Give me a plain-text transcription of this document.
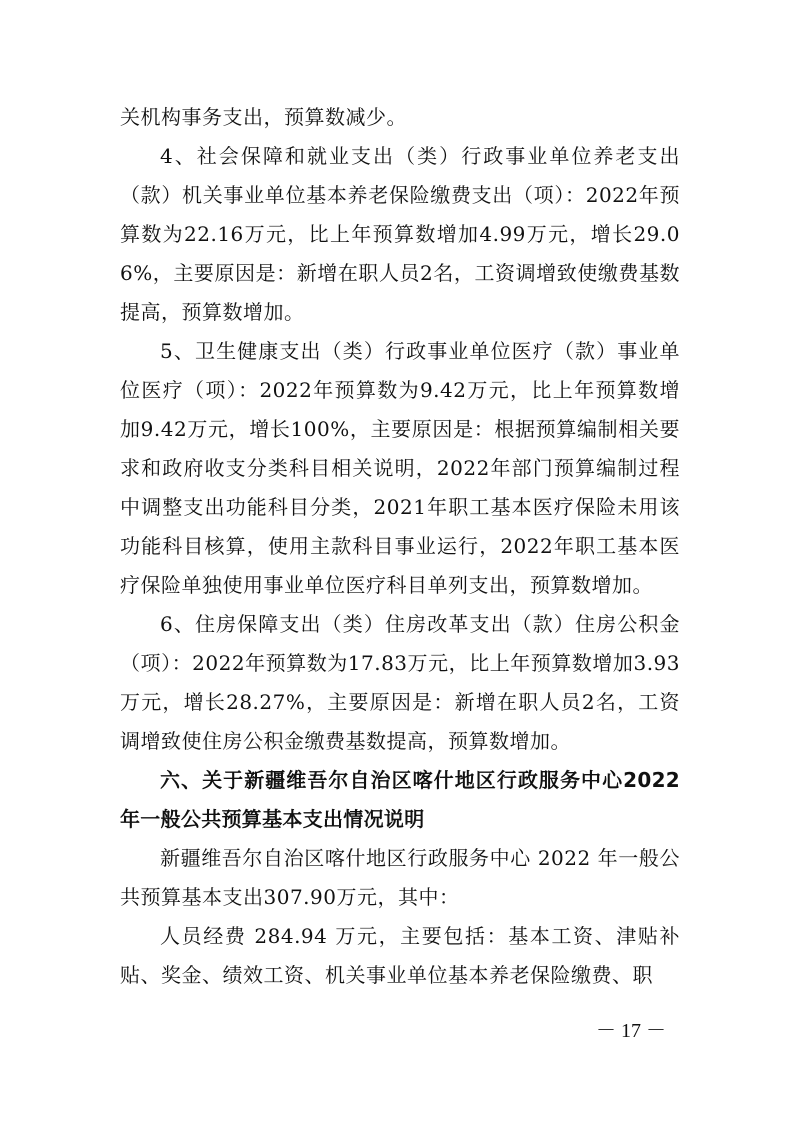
关机构事务支出，预算数减少。

4、社会保障和就业支出（类）行政事业单位养老支出（款）机关事业单位基本养老保险缴费支出（项）：2022年预算数为22.16万元，比上年预算数增加4.99万元，增长29.06%，主要原因是：新增在职人员2名，工资调增致使缴费基数提高，预算数增加。

5、卫生健康支出（类）行政事业单位医疗（款）事业单位医疗（项）：2022年预算数为9.42万元，比上年预算数增加9.42万元，增长100%，主要原因是：根据预算编制相关要求和政府收支分类科目相关说明，2022年部门预算编制过程中调整支出功能科目分类，2021年职工基本医疗保险未用该功能科目核算，使用主款科目事业运行，2022年职工基本医疗保险单独使用事业单位医疗科目单列支出，预算数增加。

6、住房保障支出（类）住房改革支出（款）住房公积金（项）：2022年预算数为17.83万元，比上年预算数增加3.93万元，增长28.27%，主要原因是：新增在职人员2名，工资调增致使住房公积金缴费基数提高，预算数增加。

六、关于新疆维吾尔自治区喀什地区行政服务中心2022年一般公共预算基本支出情况说明

新疆维吾尔自治区喀什地区行政服务中心 2022 年一般公共预算基本支出307.90万元，其中：

人员经费 284.94 万元，主要包括：基本工资、津贴补贴、奖金、绩效工资、机关事业单位基本养老保险缴费、职

－ 17 －
